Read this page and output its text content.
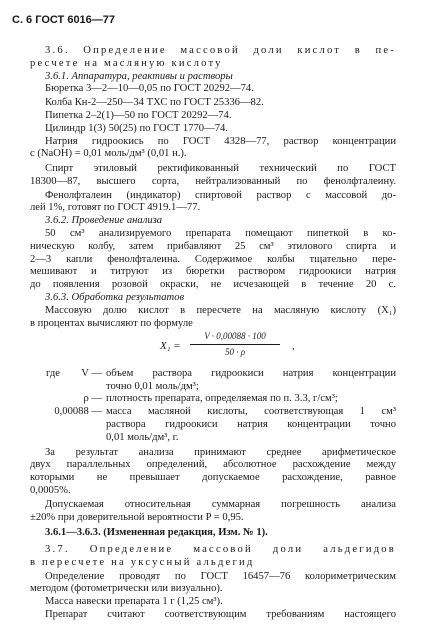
С. 6 ГОСТ 6016—77
3.6. Определение массовой доли кислот в пе-
ресчете на масляную кислоту
3.6.1. Аппаратура, реактивы и растворы
Бюретка 3—2—10—0,05 по ГОСТ 20292—74.
Колба Кн-2—250—34 ТХС по ГОСТ 25336—82.
Пипетка 2–2(1)—50 по ГОСТ 20292—74.
Цилиндр 1(3) 50(25) по ГОСТ 1770—74.
Натрия гидроокись по ГОСТ 4328—77, раствор концентрации
с (NaOH) = 0,01 моль/дм³ (0,01 н.).
Спирт этиловый ректификованный технический по ГОСТ
18300—87, высшего сорта, нейтрализованный по фенолфталеину.
Фенолфталеин (индикатор) спиртовой раствор с массовой до-
лей 1%, готовят по ГОСТ 4919.1—77.
3.6.2. Проведение анализа
50 см³ анализируемого препарата помещают пипеткой в ко-
ническую колбу, затем прибавляют 25 см³ этилового спирта и
2—3 капли фенолфталеина. Содержимое колбы тщательно пере-
мешивают и титруют из бюретки раствором гидроокиси натрия
до появления розовой окраски, не исчезающей в течение 20 с.
3.6.3. Обработка результатов
Массовую долю кислот в пересчете на масляную кислоту (X₁)
в процентах вычисляют по формуле
X₁ =
V · 0,00088 · 100
50 · ρ	,
где	V — объем раствора гидроокиси натрия концентрации
точно 0,01 моль/дм³;
ρ — плотность препарата, определяемая по п. 3.3, г/см³;
0,00088 — масса масляной кислоты, соответствующая 1 см³
раствора гидроокиси натрия концентрации точно
0,01 моль/дм³, г.
За результат анализа принимают среднее арифметическое
двух параллельных определений, абсолютное расхождение между
которыми не превышает допускаемое расхождение, равное
0,0005%.
Допускаемая относительная суммарная погрешность анализа
±20% при доверительной вероятности P = 0,95.
3.6.1—3.6.3. (Измененная редакция, Изм. № 1).
3.7. Определение массовой доли альдегидов
в пересчете на уксусный альдегид
Определение проводят по ГОСТ 16457—76 колориметрическим
методом (фотометрически или визуально).
Масса навески препарата 1 г (1,25 см³).
Препарат считают соответствующим требованиям настоящего
